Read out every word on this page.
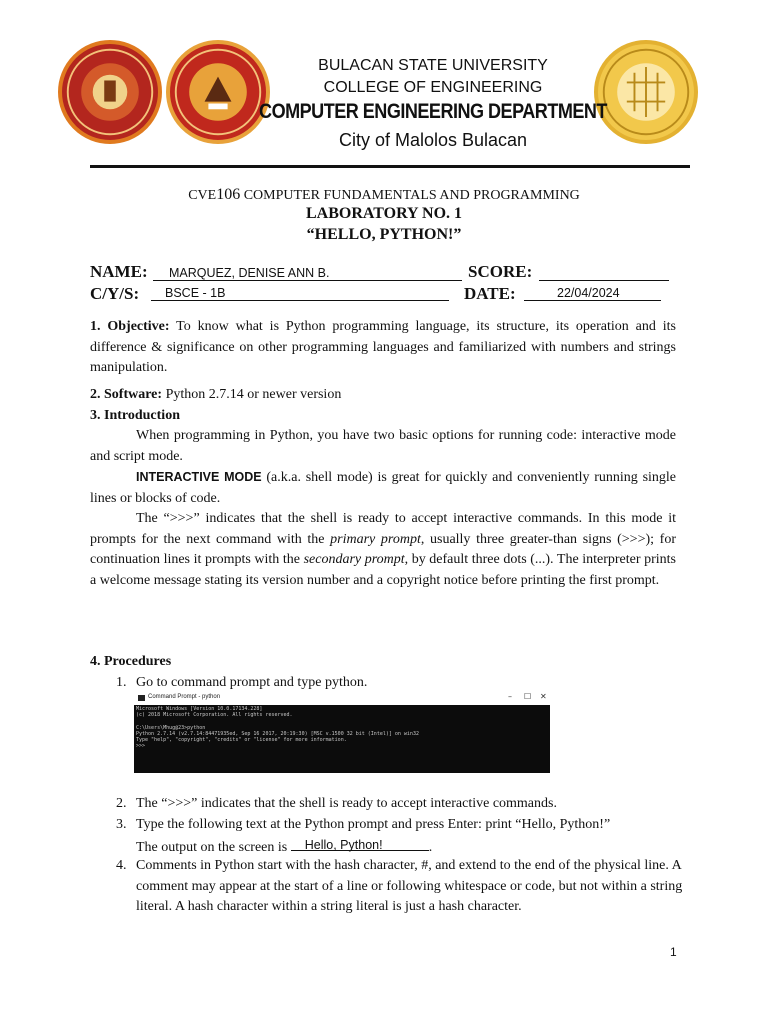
BULACAN STATE UNIVERSITY
COLLEGE OF ENGINEERING
COMPUTER ENGINEERING DEPARTMENT
City of Malolos Bulacan
CVE106 COMPUTER FUNDAMENTALS AND PROGRAMMING
LABORATORY NO. 1
“HELLO, PYTHON!”
NAME: MARQUEZ, DENISE ANN B.	SCORE:
C/Y/S: BSCE - 1B	DATE:	22/04/2024
1. Objective: To know what is Python programming language, its structure, its operation and its difference & significance on other programming languages and familiarized with numbers and strings manipulation.
2. Software: Python 2.7.14 or newer version
3. Introduction
When programming in Python, you have two basic options for running code: interactive mode and script mode.
INTERACTIVE MODE (a.k.a. shell mode) is great for quickly and conveniently running single lines or blocks of code.
The “>>>” indicates that the shell is ready to accept interactive commands. In this mode it prompts for the next command with the primary prompt, usually three greater-than signs (>>>); for continuation lines it prompts with the secondary prompt, by default three dots (...). The interpreter prints a welcome message stating its version number and a copyright notice before printing the first prompt.
4. Procedures
1. Go to command prompt and type python.
Command Prompt - python	– ☐ ✕
Microsoft Windows [Version 10.0.17134.228]
(c) 2018 Microsoft Corporation. All rights reserved.

C:\Users\Mhug@23>python
Python 2.7.14 (v2.7.14:84471935ed, Sep 16 2017, 20:19:30) [MSC v.1500 32 bit (Intel)] on win32
Type "help", "copyright", "credits" or "license" for more information.
>>>
2. The “>>>” indicates that the shell is ready to accept interactive commands.
3. Type the following text at the Python prompt and press Enter: print “Hello, Python!”
The output on the screen is Hello, Python!	.
4. Comments in Python start with the hash character, #, and extend to the end of the physical line. A comment may appear at the start of a line or following whitespace or code, but not within a string literal. A hash character within a string literal is just a hash character.
1
